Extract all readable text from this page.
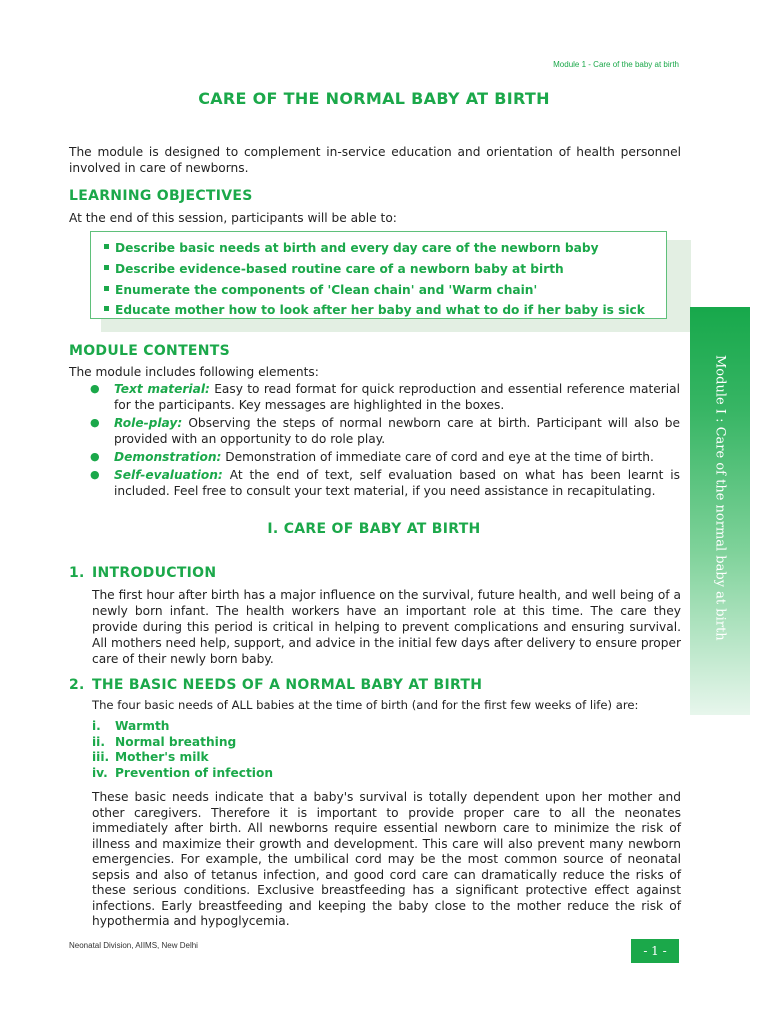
Module 1 - Care of the baby at birth
CARE OF THE NORMAL BABY AT BIRTH
The module is designed to complement in-service education and orientation of health personnel involved in care of newborns.
LEARNING OBJECTIVES
At the end of this session, participants will be able to:
Describe basic needs at birth and every day care of the newborn baby
Describe evidence-based routine care of a newborn baby at birth
Enumerate the components of 'Clean chain' and 'Warm chain'
Educate mother how to look after her baby and what to do if her baby is sick
MODULE CONTENTS
The module includes following elements:
● Text material: Easy to read format for quick reproduction and essential reference material for the participants. Key messages are highlighted in the boxes.
● Role-play: Observing the steps of normal newborn care at birth. Participant will also be provided with an opportunity to do role play.
● Demonstration: Demonstration of immediate care of cord and eye at the time of birth.
● Self-evaluation: At the end of text, self evaluation based on what has been learnt is included. Feel free to consult your text material, if you need assistance in recapitulating.
I. CARE OF BABY AT BIRTH
1. INTRODUCTION
The first hour after birth has a major influence on the survival, future health, and well being of a newly born infant. The health workers have an important role at this time. The care they provide during this period is critical in helping to prevent complications and ensuring survival. All mothers need help, support, and advice in the initial few days after delivery to ensure proper care of their newly born baby.
2. THE BASIC NEEDS OF A NORMAL BABY AT BIRTH
The four basic needs of ALL babies at the time of birth (and for the first few weeks of life) are:
i. Warmth
ii. Normal breathing
iii. Mother's milk
iv. Prevention of infection
These basic needs indicate that a baby's survival is totally dependent upon her mother and other caregivers. Therefore it is important to provide proper care to all the neonates immediately after birth. All newborns require essential newborn care to minimize the risk of illness and maximize their growth and development. This care will also prevent many newborn emergencies. For example, the umbilical cord may be the most common source of neonatal sepsis and also of tetanus infection, and good cord care can dramatically reduce the risks of these serious conditions. Exclusive breastfeeding has a significant protective effect against infections. Early breastfeeding and keeping the baby close to the mother reduce the risk of hypothermia and hypoglycemia.
Neonatal Division, AIIMS, New Delhi	- 1 -
Module I : Care of the normal baby at birth
